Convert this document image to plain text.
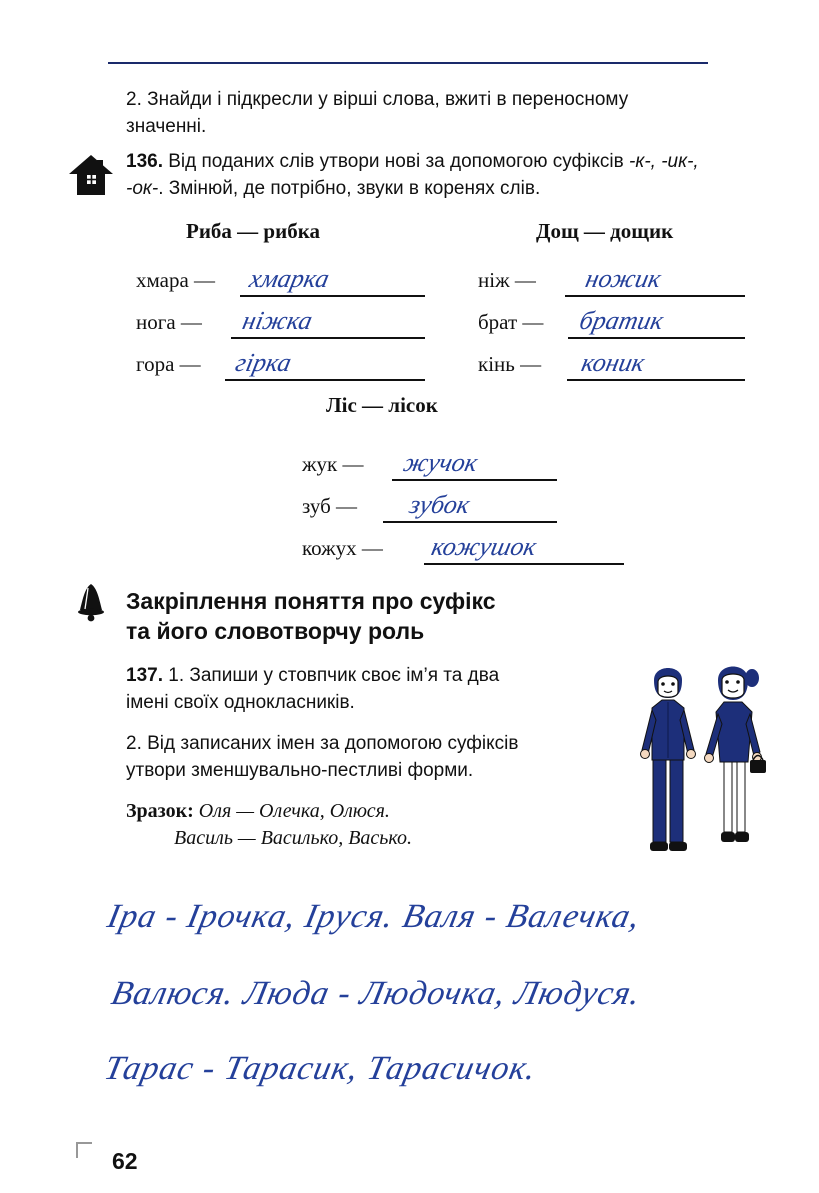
2. Знайди і підкресли у вірші слова, вжиті в переносному значенні.
136. Від поданих слів утвори нові за допомогою суфіксів -к-, -ик-, -ок-. Змінюй, де потрібно, звуки в коренях слів.
Риба — рибка	Дощ — дощик
Ліс — лісок
хмара — хмарка
нога — ніжка
гора — гірка
ніж — ножик
брат — братик
кінь — коник
жук — жучок
зуб — зубок
кожух — кожушок
Закріплення поняття про суфікс
та його словотворчу роль

137. 1. Запиши у стовпчик своє ім’я та два імені своїх однокласників.

2. Від записаних імен за допомогою суфіксів утвори зменшувально-пестливі форми.

Зразок: Оля — Олечка, Олюся.
Василь — Василько, Васько.
Іра - Ірочка, Іруся. Валя - Валечка,
Валюся. Люда - Людочка, Людуся.
Тарас - Тарасик, Тарасичок.
62
